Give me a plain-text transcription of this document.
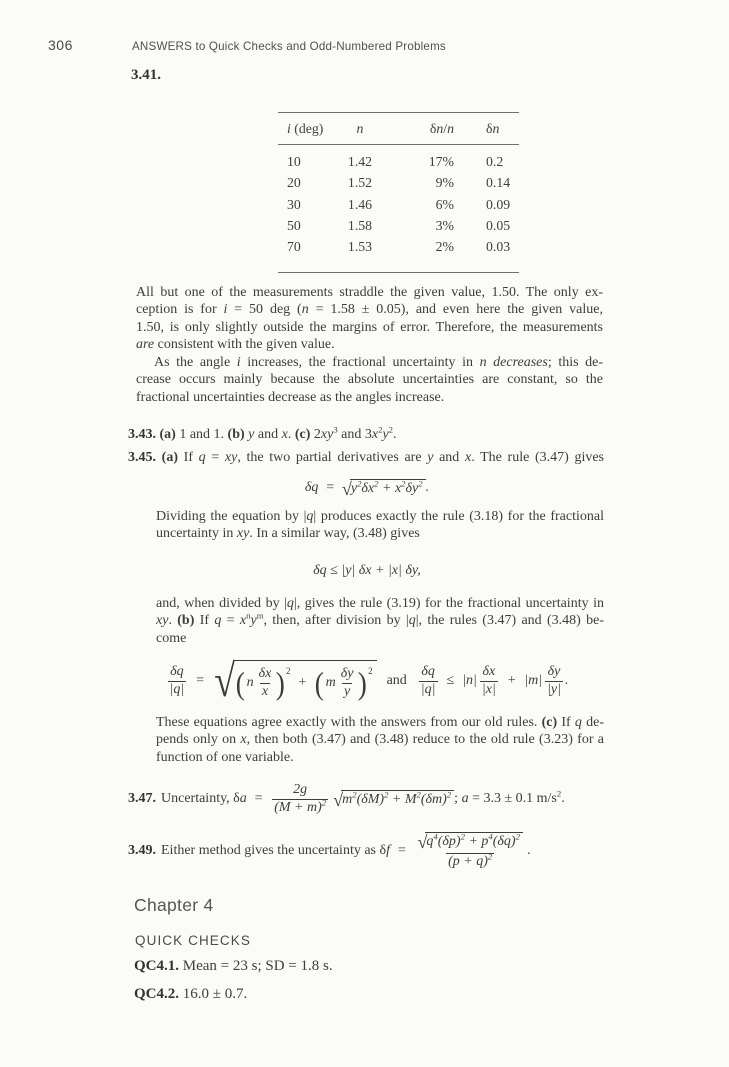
306	ANSWERS to Quick Checks and Odd-Numbered Problems
3.41.
i (deg)	n	δn/n	δn
10	1.42	17%	0.2
20	1.52	9%	0.14
30	1.46	6%	0.09
50	1.58	3%	0.05
70	1.53	2%	0.03
All but one of the measurements straddle the given value, 1.50. The only ex-
ception is for i = 50 deg (n = 1.58 ± 0.05), and even here the given value,
1.50, is only slightly outside the margins of error. Therefore, the measurements
are consistent with the given value.
As the angle i increases, the fractional uncertainty in n decreases; this de-
crease occurs mainly because the absolute uncertainties are constant, so the
fractional uncertainties decrease as the angles increase.
3.43. (a) 1 and 1. (b) y and x. (c) $2xy^3$ and $3x^2y^2$.
3.45. (a) If q = xy, the two partial derivatives are y and x. The rule (3.47) gives
δq = √ $y^2\delta x^2 + x^2\delta y^2$ .
Dividing the equation by |q| produces exactly the rule (3.18) for the fractional
uncertainty in xy. In a similar way, (3.48) gives
δq ≤ |y| δx + |x| δy,
and, when divided by |q|, gives the rule (3.19) for the fractional uncertainty in
xy. (b) If $q = x^ny^m$, then, after division by |q|, the rules (3.47) and (3.48) be-
come
$\frac{\delta q}{|q|}$ = √ ( n $\frac{\delta x}{x}$ ) 2
+ ( m $\frac{\delta y}{y}$ ) 2
and $\frac{\delta q}{|q|} \le |n| \frac{\delta x}{|x|} + |m| \frac{\delta y}{|y|}$ .
These equations agree exactly with the answers from our old rules. (c) If q de-
pends only on x, then both (3.47) and (3.48) reduce to the old rule (3.23) for a
function of one variable.
3.47. Uncertainty, $\delta a = \frac{2g}{(M + m)^2}$ √ $m^2(\delta M)^2 + M^2(\delta m)^2$ ; a = 3.3 ± 0.1 $m/s^2$.
3.49. Either method gives the uncertainty as $\delta f = \frac{√ q^4(\delta p)^2 + p^4(\delta q)^2}{(p + q)^2}$ .
Chapter 4
QUICK CHECKS
QC4.1. Mean = 23 s; SD = 1.8 s.
QC4.2. 16.0 ± 0.7.
